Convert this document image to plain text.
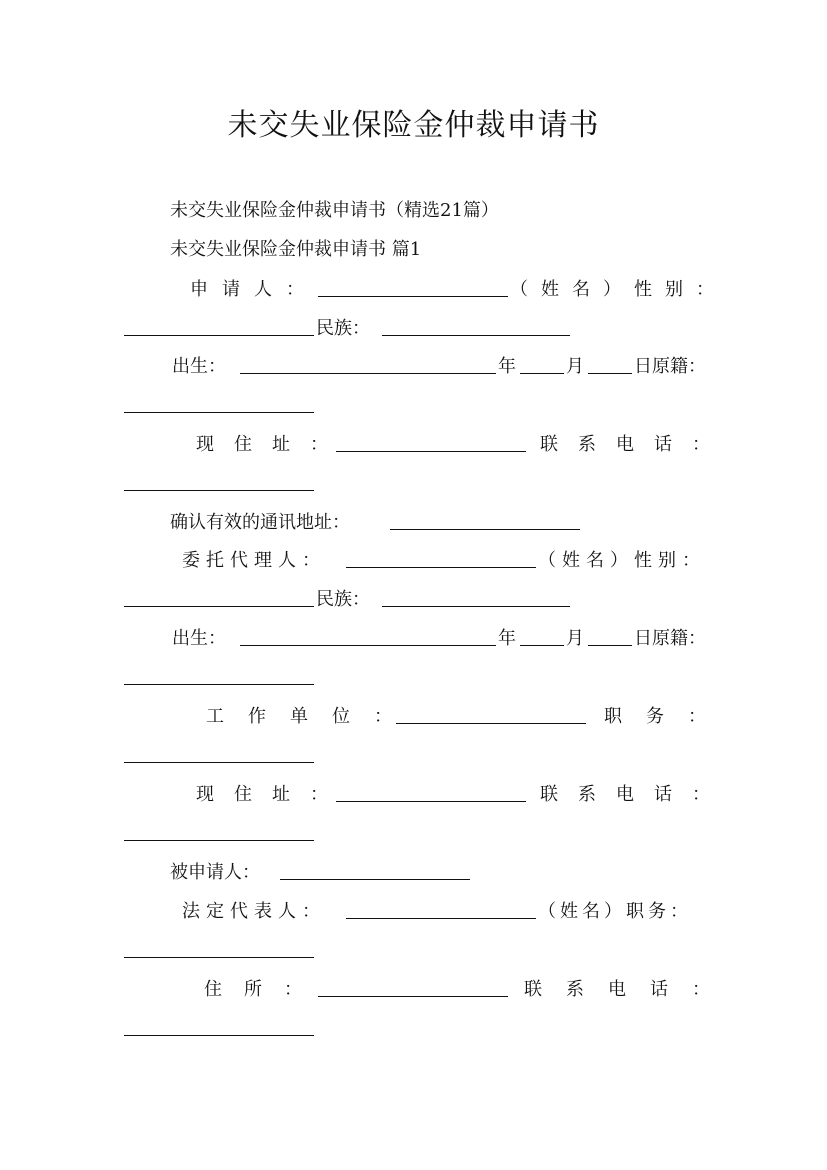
未交失业保险金仲裁申请书
未交失业保险金仲裁申请书（精选21篇）
未交失业保险金仲裁申请书 篇1
申请人：	（姓名）性别：
民族：
出生：	年	月	日原籍：
现住址：	联系电话：
确认有效的通讯地址：
委托代理人：	（姓名）性别：
民族：
出生：	年	月	日原籍：
工作单位：	职务：
现住址：	联系电话：
被申请人：
法定代表人：	（姓名）职务：
住所：	联系电话：
